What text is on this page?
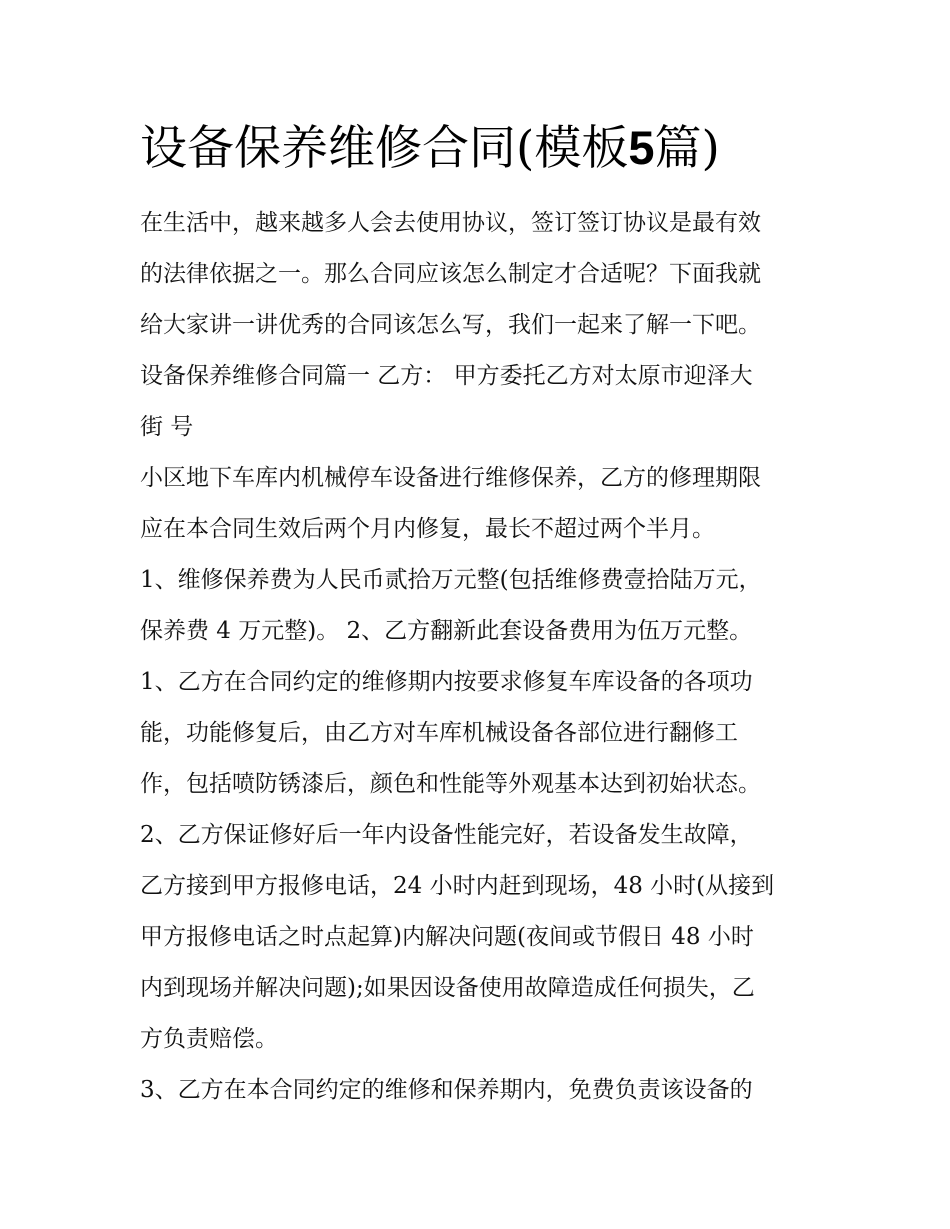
设备保养维修合同(模板5篇)
在生活中，越来越多人会去使用协议，签订签订协议是最有效
的法律依据之一。那么合同应该怎么制定才合适呢？下面我就
给大家讲一讲优秀的合同该怎么写，我们一起来了解一下吧。
设备保养维修合同篇一 乙方： 甲方委托乙方对太原市迎泽大
街 号
小区地下车库内机械停车设备进行维修保养，乙方的修理期限
应在本合同生效后两个月内修复，最长不超过两个半月。
1、维修保养费为人民币贰拾万元整(包括维修费壹拾陆万元，
保养费 4 万元整)。 2、乙方翻新此套设备费用为伍万元整。
1、乙方在合同约定的维修期内按要求修复车库设备的各项功
能，功能修复后，由乙方对车库机械设备各部位进行翻修工
作，包括喷防锈漆后，颜色和性能等外观基本达到初始状态。
2、乙方保证修好后一年内设备性能完好，若设备发生故障，
乙方接到甲方报修电话，24 小时内赶到现场，48 小时(从接到
甲方报修电话之时点起算)内解决问题(夜间或节假日 48 小时
内到现场并解决问题);如果因设备使用故障造成任何损失，乙
方负责赔偿。
3、乙方在本合同约定的维修和保养期内，免费负责该设备的
